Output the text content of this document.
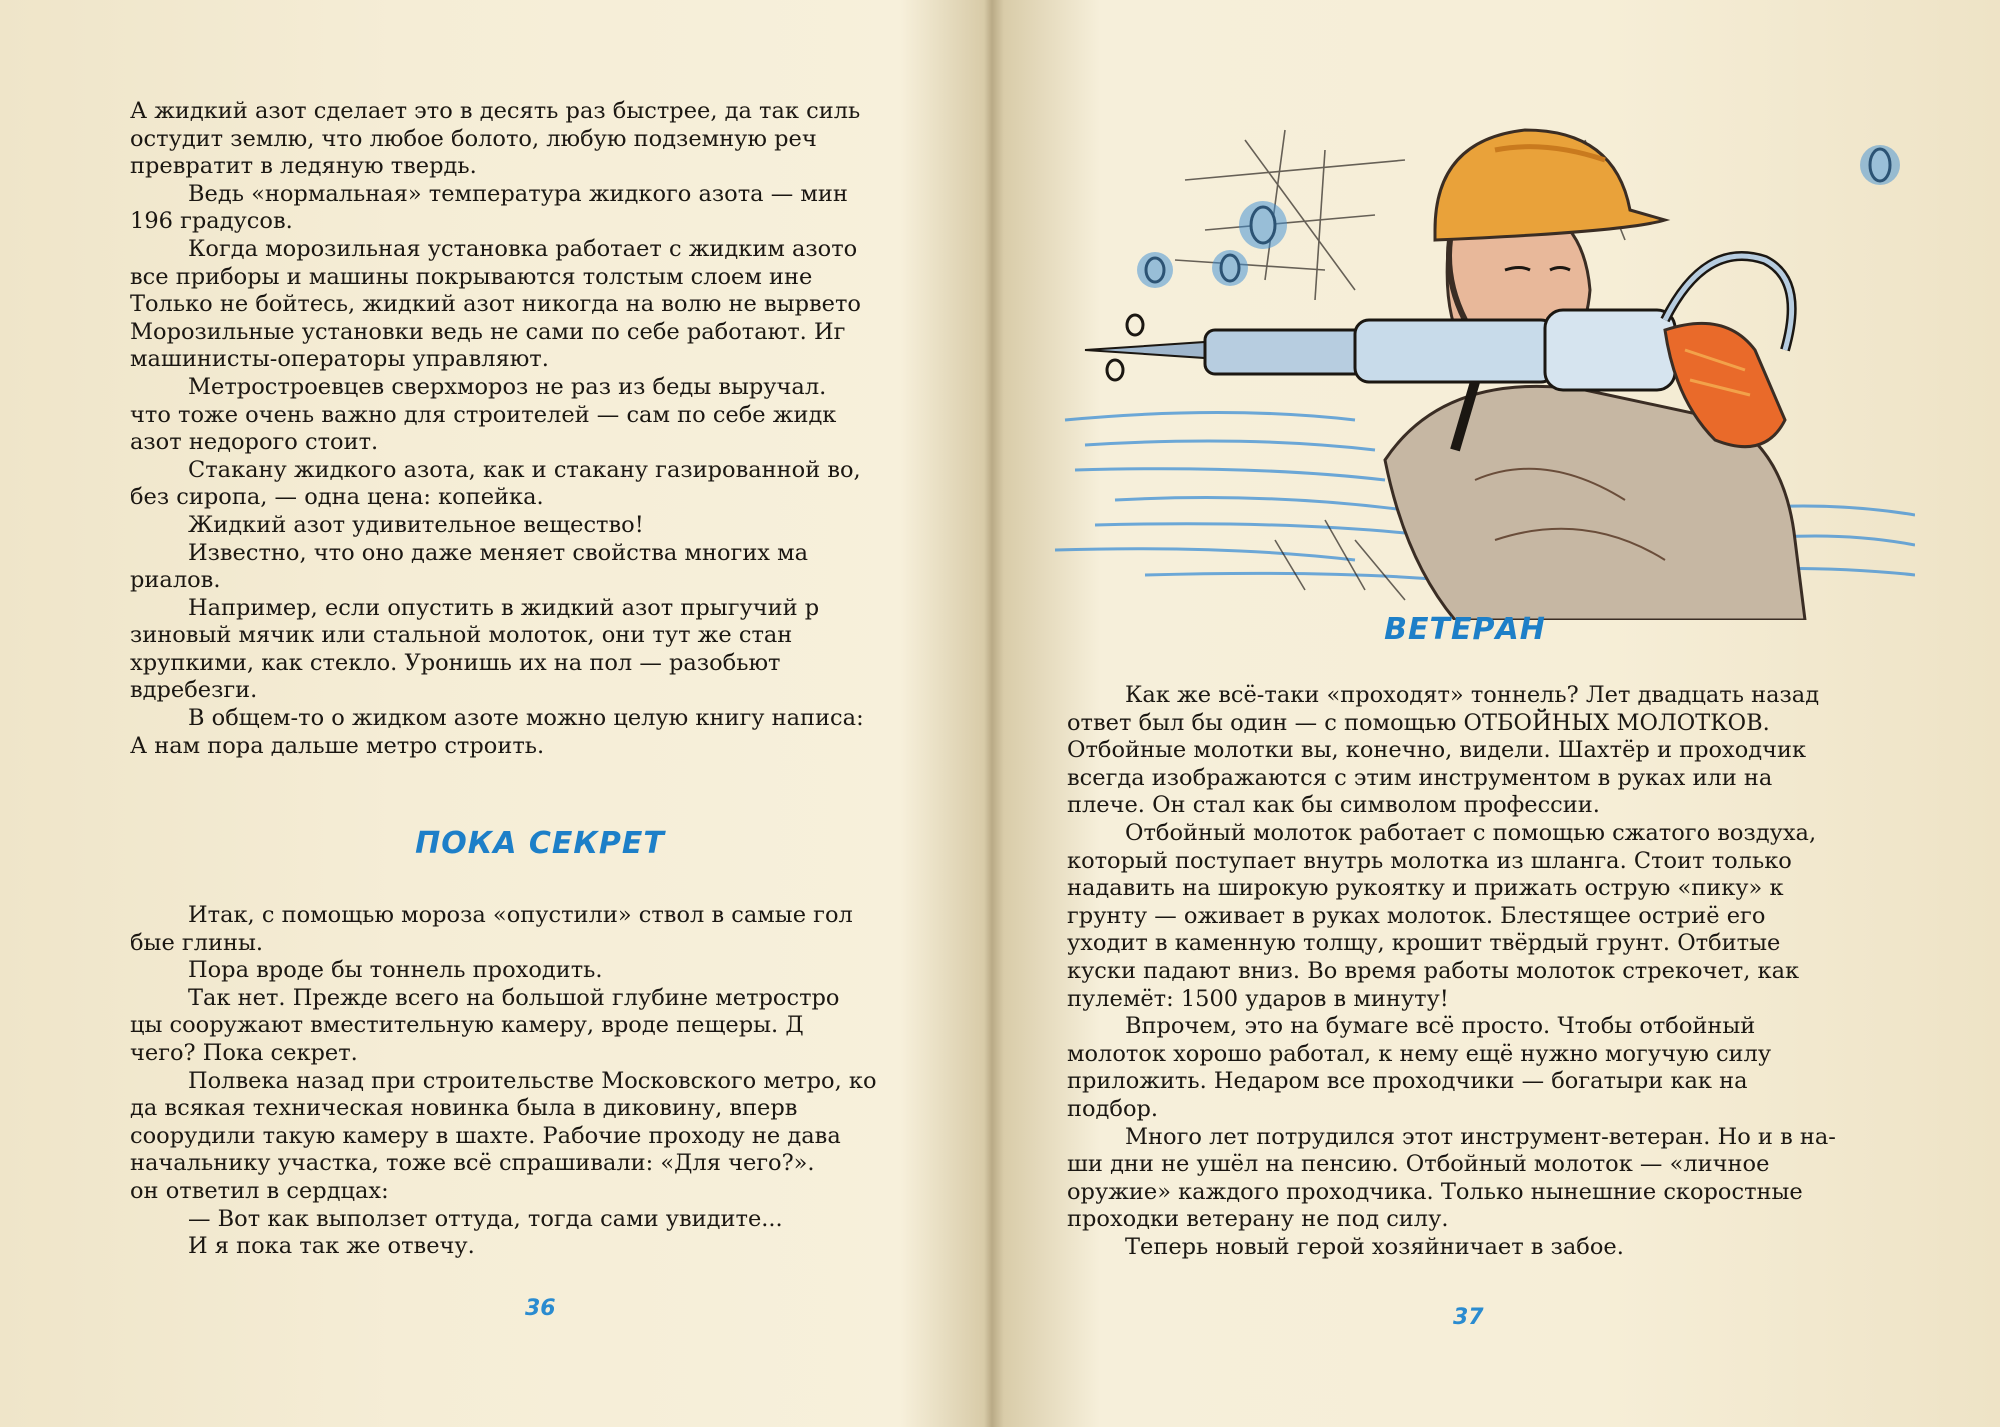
А жидкий азот сделает это в десять раз быстрее, да так силь

остудит землю, что любое болото, любую подземную реч

превратит в ледяную твердь.

Ведь «нормальная» температура жидкого азота — мин

196 градусов.

Когда морозильная установка работает с жидким азото

все приборы и машины покрываются толстым слоем ине

Только не бойтесь, жидкий азот никогда на волю не вырвето

Морозильные установки ведь не сами по себе работают. Иг

машинисты-операторы управляют.

Метростроевцев сверхмороз не раз из беды выручал.

что тоже очень важно для строителей — сам по себе жидк

азот недорого стоит.

Стакану жидкого азота, как и стакану газированной во,

без сиропа, — одна цена: копейка.

Жидкий азот удивительное вещество!

Известно, что оно даже меняет свойства многих ма

риалов.

Например, если опустить в жидкий азот прыгучий р

зиновый мячик или стальной молоток, они тут же стан

хрупкими, как стекло. Уронишь их на пол — разобьют

вдребезги.

В общем-то о жидком азоте можно целую книгу написа:

А нам пора дальше метро строить.

ПОКА СЕКРЕТ

Итак, с помощью мороза «опустили» ствол в самые гол

бые глины.

Пора вроде бы тоннель проходить.

Так нет. Прежде всего на большой глубине метростро

цы сооружают вместительную камеру, вроде пещеры. Д

чего? Пока секрет.

Полвека назад при строительстве Московского метро, ко

да всякая техническая новинка была в диковину, вперв

соорудили такую камеру в шахте. Рабочие проходу не дава

начальнику участка, тоже всё спрашивали: «Для чего?».

он ответил в сердцах:

— Вот как выползет оттуда, тогда сами увидите...

И я пока так же отвечу.

36
ВЕТЕРАН

Как же всё-таки «проходят» тоннель? Лет двадцать назад

ответ был бы один — с помощью ОТБОЙНЫХ МОЛОТКОВ.

Отбойные молотки вы, конечно, видели. Шахтёр и проходчик

всегда изображаются с этим инструментом в руках или на

плече. Он стал как бы символом профессии.

Отбойный молоток работает с помощью сжатого воздуха,

который поступает внутрь молотка из шланга. Стоит только

надавить на широкую рукоятку и прижать острую «пику» к

грунту — оживает в руках молоток. Блестящее остриё его

уходит в каменную толщу, крошит твёрдый грунт. Отбитые

куски падают вниз. Во время работы молоток стрекочет, как

пулемёт: 1500 ударов в минуту!

Впрочем, это на бумаге всё просто. Чтобы отбойный

молоток хорошо работал, к нему ещё нужно могучую силу

приложить. Недаром все проходчики — богатыри как на

подбор.

Много лет потрудился этот инструмент-ветеран. Но и в на-

ши дни не ушёл на пенсию. Отбойный молоток — «личное

оружие» каждого проходчика. Только нынешние скоростные

проходки ветерану не под силу.

Теперь новый герой хозяйничает в забое.

37
